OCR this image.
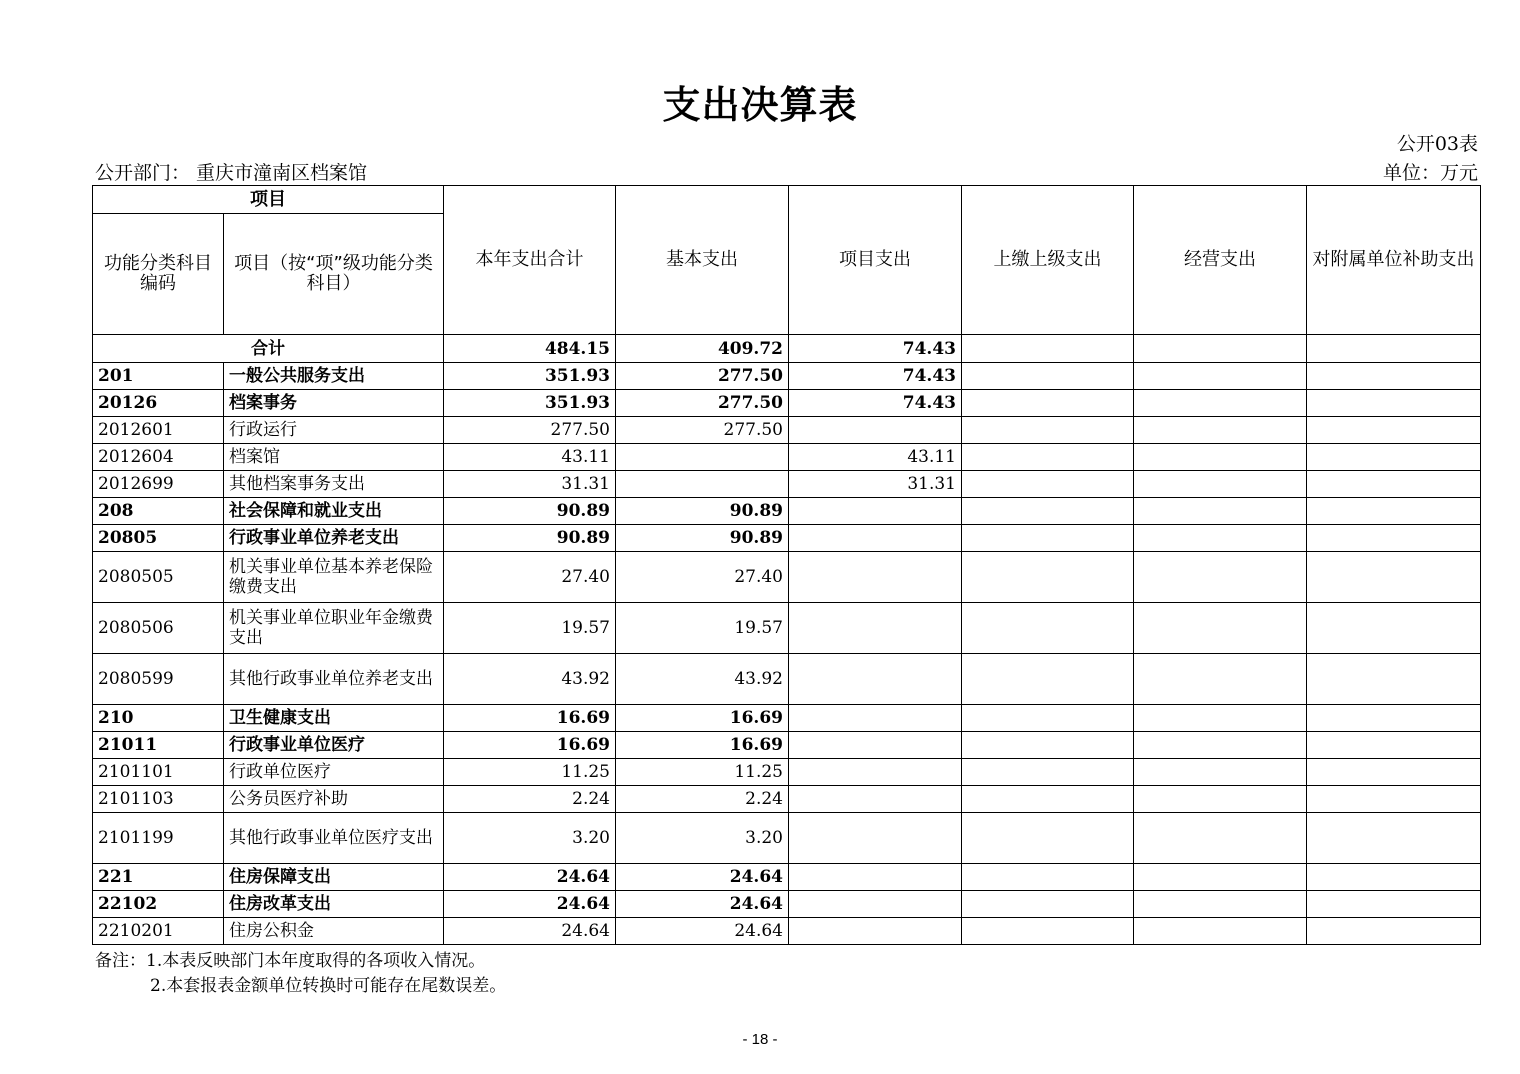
支出决算表
公开03表
公开部门： 重庆市潼南区档案馆	单位：万元
项目		本年支出合计	基本支出	项目支出	上缴上级支出	经营支出	对附属单位补助支出
功能分类科目编码	项目（按“项”级功能分类科目）						
合计		484.15	409.72	74.43			
201	一般公共服务支出	351.93	277.50	74.43			
20126	档案事务	351.93	277.50	74.43			
2012601	行政运行	277.50	277.50				
2012604	档案馆	43.11		43.11			
2012699	其他档案事务支出	31.31		31.31			
208	社会保障和就业支出	90.89	90.89				
20805	行政事业单位养老支出	90.89	90.89				
2080505	机关事业单位基本养老保险缴费支出	27.40	27.40				
2080506	机关事业单位职业年金缴费支出	19.57	19.57				
2080599	其他行政事业单位养老支出	43.92	43.92				
210	卫生健康支出	16.69	16.69				
21011	行政事业单位医疗	16.69	16.69				
2101101	行政单位医疗	11.25	11.25				
2101103	公务员医疗补助	2.24	2.24				
2101199	其他行政事业单位医疗支出	3.20	3.20				
221	住房保障支出	24.64	24.64				
22102	住房改革支出	24.64	24.64				
2210201	住房公积金	24.64	24.64				
备注：1.本表反映部门本年度取得的各项收入情况。
2.本套报表金额单位转换时可能存在尾数误差。
- 18 -
